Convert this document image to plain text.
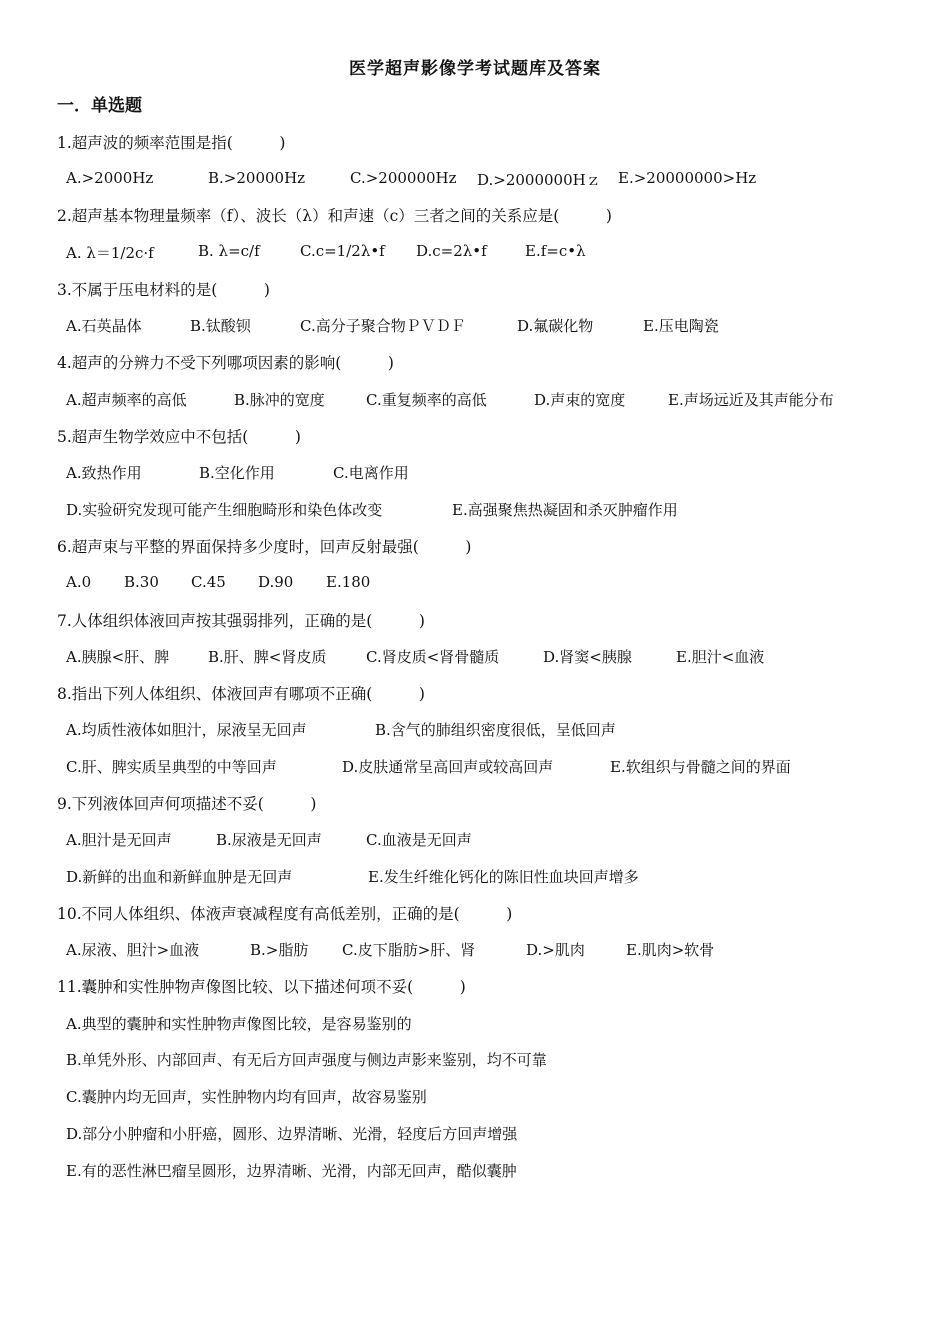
医学超声影像学考试题库及答案
一．单选题
1.超声波的频率范围是指(　　　)
A.>2000Hz	B.>20000Hz	C.>200000Hz D.>2000000Hｚ E.>20000000>Hz
2.超声基本物理量频率（f）、波长（λ）和声速（c）三者之间的关系应是(　　　)
A. λ＝1/2c·f	B. λ=c/f	C.c=1/2λ•f D.c=2λ•f	E.f=c•λ
3.不属于压电材料的是(　　　)
A.石英晶体	B.钛酸钡	C.高分子聚合物ＰＶＤＦ	D.氟碳化物	E.压电陶瓷
4.超声的分辨力不受下列哪项因素的影响(　　　)
A.超声频率的高低	B.脉冲的宽度	C.重复频率的高低	D.声束的宽度	E.声场远近及其声能分布
5.超声生物学效应中不包括(　　　)
A.致热作用	B.空化作用	C.电离作用
D.实验研究发现可能产生细胞畸形和染色体改变	E.高强聚焦热凝固和杀灭肿瘤作用
6.超声束与平整的界面保持多少度时，回声反射最强(　　　)
A.0 B.30 C.45 D.90 E.180
7.人体组织体液回声按其强弱排列，正确的是(　　　)
A.胰腺<肝、脾	B.肝、脾<肾皮质	C.肾皮质<肾骨髓质	D.肾窦<胰腺	E.胆汁<血液
8.指出下列人体组织、体液回声有哪项不正确(　　　)
A.均质性液体如胆汁，尿液呈无回声	B.含气的肺组织密度很低，呈低回声
C.肝、脾实质呈典型的中等回声	D.皮肤通常呈高回声或较高回声	E.软组织与骨髓之间的界面
9.下列液体回声何项描述不妥(　　　)
A.胆汁是无回声	B.尿液是无回声	C.血液是无回声
D.新鲜的出血和新鲜血肿是无回声	E.发生纤维化钙化的陈旧性血块回声增多
10.不同人体组织、体液声衰减程度有高低差别，正确的是(　　　)
A.尿液、胆汁>血液	B.>脂肪 C.皮下脂肪>肝、肾	D.>肌肉	E.肌肉>软骨
11.囊肿和实性肿物声像图比较、以下描述何项不妥(　　　)
A.典型的囊肿和实性肿物声像图比较，是容易鉴别的
B.单凭外形、内部回声、有无后方回声强度与侧边声影来鉴别，均不可靠
C.囊肿内均无回声，实性肿物内均有回声，故容易鉴别
D.部分小肿瘤和小肝癌，圆形、边界清晰、光滑，轻度后方回声增强
E.有的恶性淋巴瘤呈圆形，边界清晰、光滑，内部无回声，酷似囊肿
